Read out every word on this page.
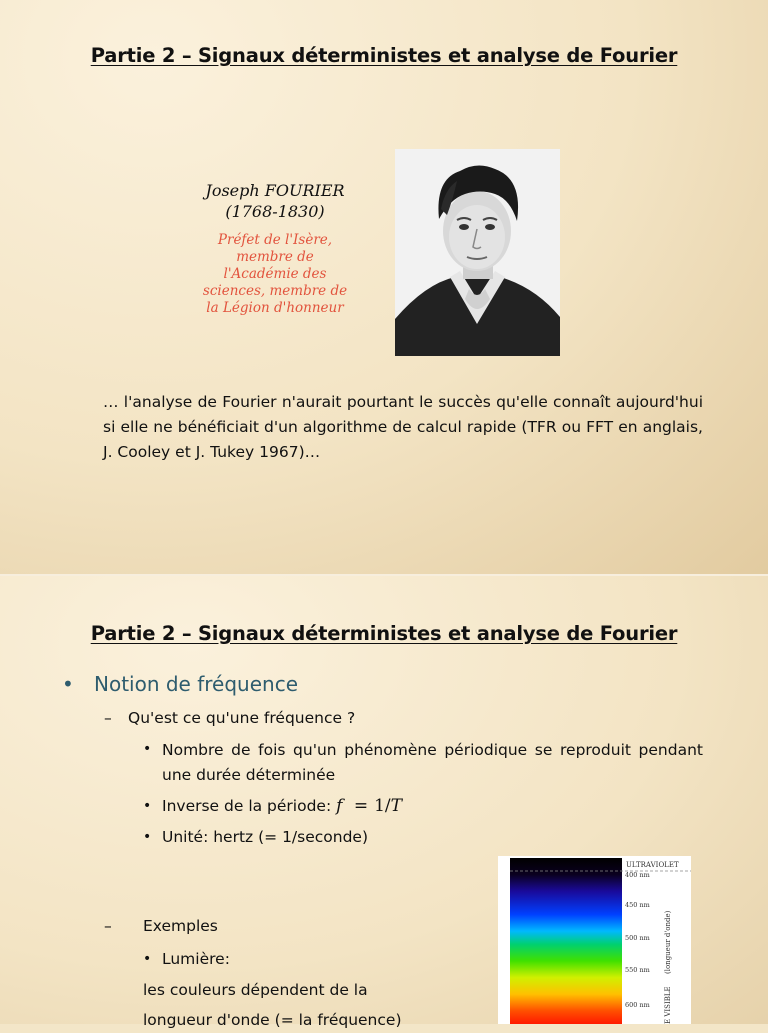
Partie 2 – Signaux déterministes et analyse de Fourier
Joseph FOURIER
(1768-1830)
Préfet de l'Isère,
membre de
l'Académie des
sciences, membre de
la Légion d'honneur
… l'analyse de Fourier n'aurait pourtant le succès qu'elle connaît aujourd'hui si elle ne bénéficiait d'un algorithme de calcul rapide (TFR ou FFT en anglais, J. Cooley et J. Tukey 1967)…
Partie 2 – Signaux déterministes et analyse de Fourier
• Notion de fréquence
– Qu'est ce qu'une fréquence ?
• Nombre de fois qu'un phénomène périodique se reproduit pendant une durée déterminée
• Inverse de la période: f = 1/T
• Unité: hertz (= 1/seconde)
– Exemples
• Lumière:
les couleurs dépendent de la
longueur d'onde (= la fréquence)
ULTRAVIOLET
400 nm
450 nm
500 nm
550 nm
600 nm
(longueur d'onde)
E VISIBLE
